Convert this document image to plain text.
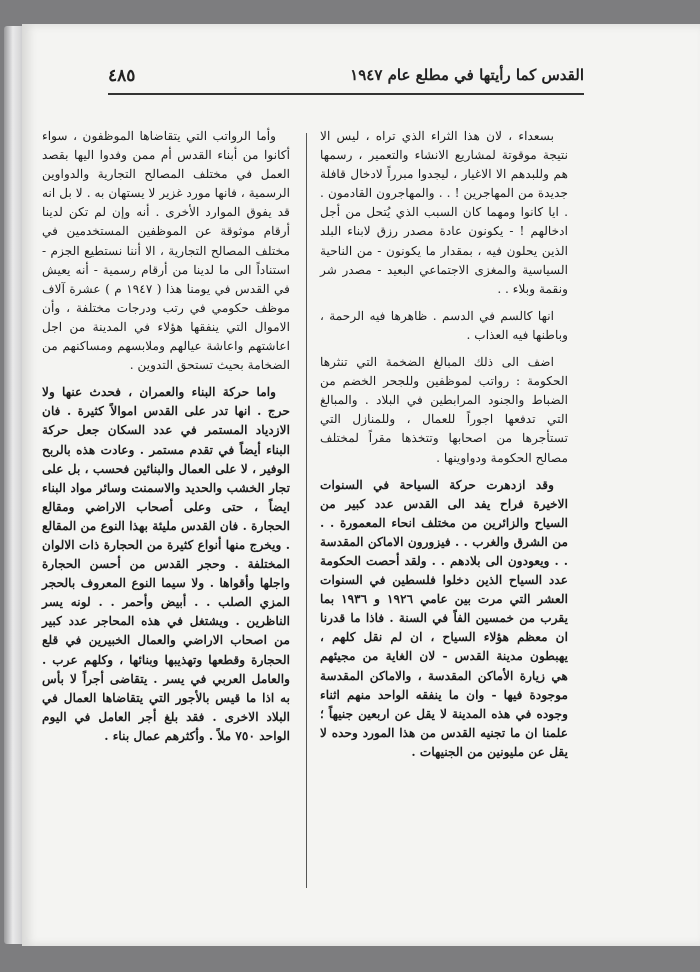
القدس كما رأيتها في مطلع عام ١٩٤٧
٤٨٥

بسعداء ، لان هذا الثراء الذي تراه ، ليس الا نتيجة موقوتة لمشاريع الانشاء والتعمير ، رسمها هم وللبدهم الا الاغيار ، ليجدوا مبرراً لادخال قافلة جديدة من المهاجرين ! . . والمهاجرون القادمون . . ايا كانوا ومهما كان السبب الذي يُتحل من أجل ادخالهم ! - يكونون عادة مصدر رزق لابناء البلد الذين يحلون فيه ، بمقدار ما يكونون - من الناحية السياسية والمغزى الاجتماعي البعيد - مصدر شر ونقمة وبلاء . .

انها كالسم في الدسم . ظاهرها فيه الرحمة ، وباطنها فيه العذاب .

اضف الى ذلك المبالغ الضخمة التي تنثرها الحكومة : رواتب لموظفين وللجحر الخضم من الضباط والجنود المرابطين في البلاد . والمبالغ التي تدفعها اجوراً للعمال ، وللمنازل التي تستأجرها من اصحابها وتتخذها مقراً لمختلف مصالح الحكومة ودواوينها .

وقد ازدهرت حركة السياحة في السنوات الاخيرة فراح يفد الى القدس عدد كبير من السياح والزائرين من مختلف انحاء المعمورة . . من الشرق والغرب . . فيزورون الاماكن المقدسة . . ويعودون الى بلادهم . . ولقد أحصت الحكومة عدد السياح الذين دخلوا فلسطين في السنوات العشر التي مرت بين عامي ١٩٢٦ و ١٩٣٦ بما يقرب من خمسين الفاً في السنة . فاذا ما قدرنا ان معظم هؤلاء السياح ، ان لم نقل كلهم ، يهبطون مدينة القدس - لان الغاية من مجيئهم هي زيارة الأماكن المقدسة ، والاماكن المقدسة موجودة فيها - وان ما ينفقه الواحد منهم اثناء وجوده في هذه المدينة لا يقل عن اربعين جنيهاً ؛ علمنا ان ما تجنيه القدس من هذا المورد وحده لا يقل عن مليونين من الجنيهات .

وأما الرواتب التي يتقاضاها الموظفون ، سواء أكانوا من أبناء القدس أم ممن وفدوا اليها بقصد العمل في مختلف المصالح التجارية والدواوين الرسمية ، فانها مورد غزير لا يستهان به . لا بل انه قد يفوق الموارد الأخرى . أنه وإن لم تكن لدينا أرقام موثوقة عن الموظفين المستخدمين في مختلف المصالح التجارية ، الا أننا نستطيع الجزم - استناداً الى ما لدينا من أرقام رسمية - أنه يعيش في القدس في يومنا هذا ( ١٩٤٧ م ) عشرة آلاف موظف حكومي في رتب ودرجات مختلفة ، وأن الاموال التي ينفقها هؤلاء في المدينة من اجل اعاشتهم واعاشة عيالهم وملابسهم ومساكنهم من الضخامة بحيث تستحق التدوين .

واما حركة البناء والعمران ، فحدث عنها ولا حرج . انها تدر على القدس اموالاً كثيرة . فان الازدياد المستمر في عدد السكان جعل حركة البناء أيضاً في تقدم مستمر . وعادت هذه بالربح الوفير ، لا على العمال والبنائين فحسب ، بل على تجار الخشب والحديد والاسمنت وسائر مواد البناء ايضاً ، حتى وعلى أصحاب الاراضي ومقالع الحجارة . فان القدس مليئة بهذا النوع من المقالع . ويخرج منها أنواع كثيرة من الحجارة ذات الالوان المختلفة . وحجر القدس من أحسن الحجارة واجلها وأقواها . ولا سيما النوع المعروف بالحجر المزي الصلب . . أبيض وأحمر . . لونه يسر الناظرين . ويشتغل في هذه المحاجر عدد كبير من اصحاب الاراضي والعمال الخبيرين في قلع الحجارة وقطعها وتهذيبها وبنائها ، وكلهم عرب . والعامل العربي في يسر . يتقاضى أجراً لا بأس به اذا ما قيس بالأجور التي يتقاضاها العمال في البلاد الاخرى . فقد بلغ أجر العامل في اليوم الواحد ٧٥٠ ملاً . وأكثرهم عمال بناء .
